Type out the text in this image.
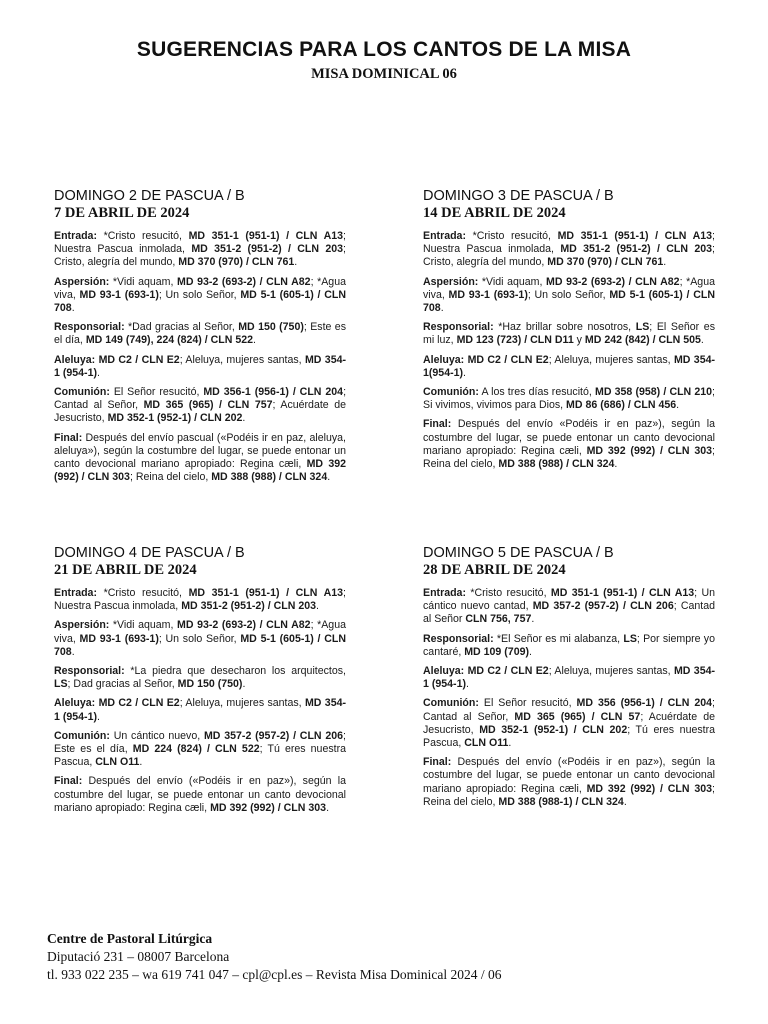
SUGERENCIAS PARA LOS CANTOS DE LA MISA
MISA DOMINICAL 06
DOMINGO 2 DE PASCUA / B
7 DE ABRIL DE 2024
Entrada: *Cristo resucitó, MD 351-1 (951-1) / CLN A13; Nuestra Pascua inmolada, MD 351-2 (951-2) / CLN 203; Cristo, alegría del mundo, MD 370 (970) / CLN 761.
Aspersión: *Vidi aquam, MD 93-2 (693-2) / CLN A82; *Agua viva, MD 93-1 (693-1); Un solo Señor, MD 5-1 (605-1) / CLN 708.
Responsorial: *Dad gracias al Señor, MD 150 (750); Este es el día, MD 149 (749), 224 (824) / CLN 522.
Aleluya: MD C2 / CLN E2; Aleluya, mujeres santas, MD 354-1 (954-1).
Comunión: El Señor resucitó, MD 356-1 (956-1) / CLN 204; Cantad al Señor, MD 365 (965) / CLN 757; Acuérdate de Jesucristo, MD 352-1 (952-1) / CLN 202.
Final: Después del envío pascual («Podéis ir en paz, aleluya, aleluya»), según la costumbre del lugar, se puede entonar un canto devocional mariano apropiado: Regina cæli, MD 392 (992) / CLN 303; Reina del cielo, MD 388 (988) / CLN 324.
DOMINGO 3 DE PASCUA / B
14 DE ABRIL DE 2024
Entrada: *Cristo resucitó, MD 351-1 (951-1) / CLN A13; Nuestra Pascua inmolada, MD 351-2 (951-2) / CLN 203; Cristo, alegría del mundo, MD 370 (970) / CLN 761.
Aspersión: *Vidi aquam, MD 93-2 (693-2) / CLN A82; *Agua viva, MD 93-1 (693-1); Un solo Señor, MD 5-1 (605-1) / CLN 708.
Responsorial: *Haz brillar sobre nosotros, LS; El Señor es mi luz, MD 123 (723) / CLN D11 y MD 242 (842) / CLN 505.
Aleluya: MD C2 / CLN E2; Aleluya, mujeres santas, MD 354-1(954-1).
Comunión: A los tres días resucitó, MD 358 (958) / CLN 210; Si vivimos, vivimos para Dios, MD 86 (686) / CLN 456.
Final: Después del envío «Podéis ir en paz»), según la costumbre del lugar, se puede entonar un canto devocional mariano apropiado: Regina cæli, MD 392 (992) / CLN 303; Reina del cielo, MD 388 (988) / CLN 324.
DOMINGO 4 DE PASCUA / B
21 DE ABRIL DE 2024
Entrada: *Cristo resucitó, MD 351-1 (951-1) / CLN A13; Nuestra Pascua inmolada, MD 351-2 (951-2) / CLN 203.
Aspersión: *Vidi aquam, MD 93-2 (693-2) / CLN A82; *Agua viva, MD 93-1 (693-1); Un solo Señor, MD 5-1 (605-1) / CLN 708.
Responsorial: *La piedra que desecharon los arquitectos, LS; Dad gracias al Señor, MD 150 (750).
Aleluya: MD C2 / CLN E2; Aleluya, mujeres santas, MD 354-1 (954-1).
Comunión: Un cántico nuevo, MD 357-2 (957-2) / CLN 206; Este es el día, MD 224 (824) / CLN 522; Tú eres nuestra Pascua, CLN O11.
Final: Después del envío («Podéis ir en paz»), según la costumbre del lugar, se puede entonar un canto devocional mariano apropiado: Regina cæli, MD 392 (992) / CLN 303.
DOMINGO 5 DE PASCUA / B
28 DE ABRIL DE 2024
Entrada: *Cristo resucitó, MD 351-1 (951-1) / CLN A13; Un cántico nuevo cantad, MD 357-2 (957-2) / CLN 206; Cantad al Señor CLN 756, 757.
Responsorial: *El Señor es mi alabanza, LS; Por siempre yo cantaré, MD 109 (709).
Aleluya: MD C2 / CLN E2; Aleluya, mujeres santas, MD 354-1 (954-1).
Comunión: El Señor resucitó, MD 356 (956-1) / CLN 204; Cantad al Señor, MD 365 (965) / CLN 57; Acuérdate de Jesucristo, MD 352-1 (952-1) / CLN 202; Tú eres nuestra Pascua, CLN O11.
Final: Después del envío («Podéis ir en paz»), según la costumbre del lugar, se puede entonar un canto devocional mariano apropiado: Regina cæli, MD 392 (992) / CLN 303; Reina del cielo, MD 388 (988-1) / CLN 324.
Centre de Pastoral Litúrgica
Diputació 231 – 08007 Barcelona
tl. 933 022 235 – wa 619 741 047 – cpl@cpl.es – Revista Misa Dominical 2024 / 06
